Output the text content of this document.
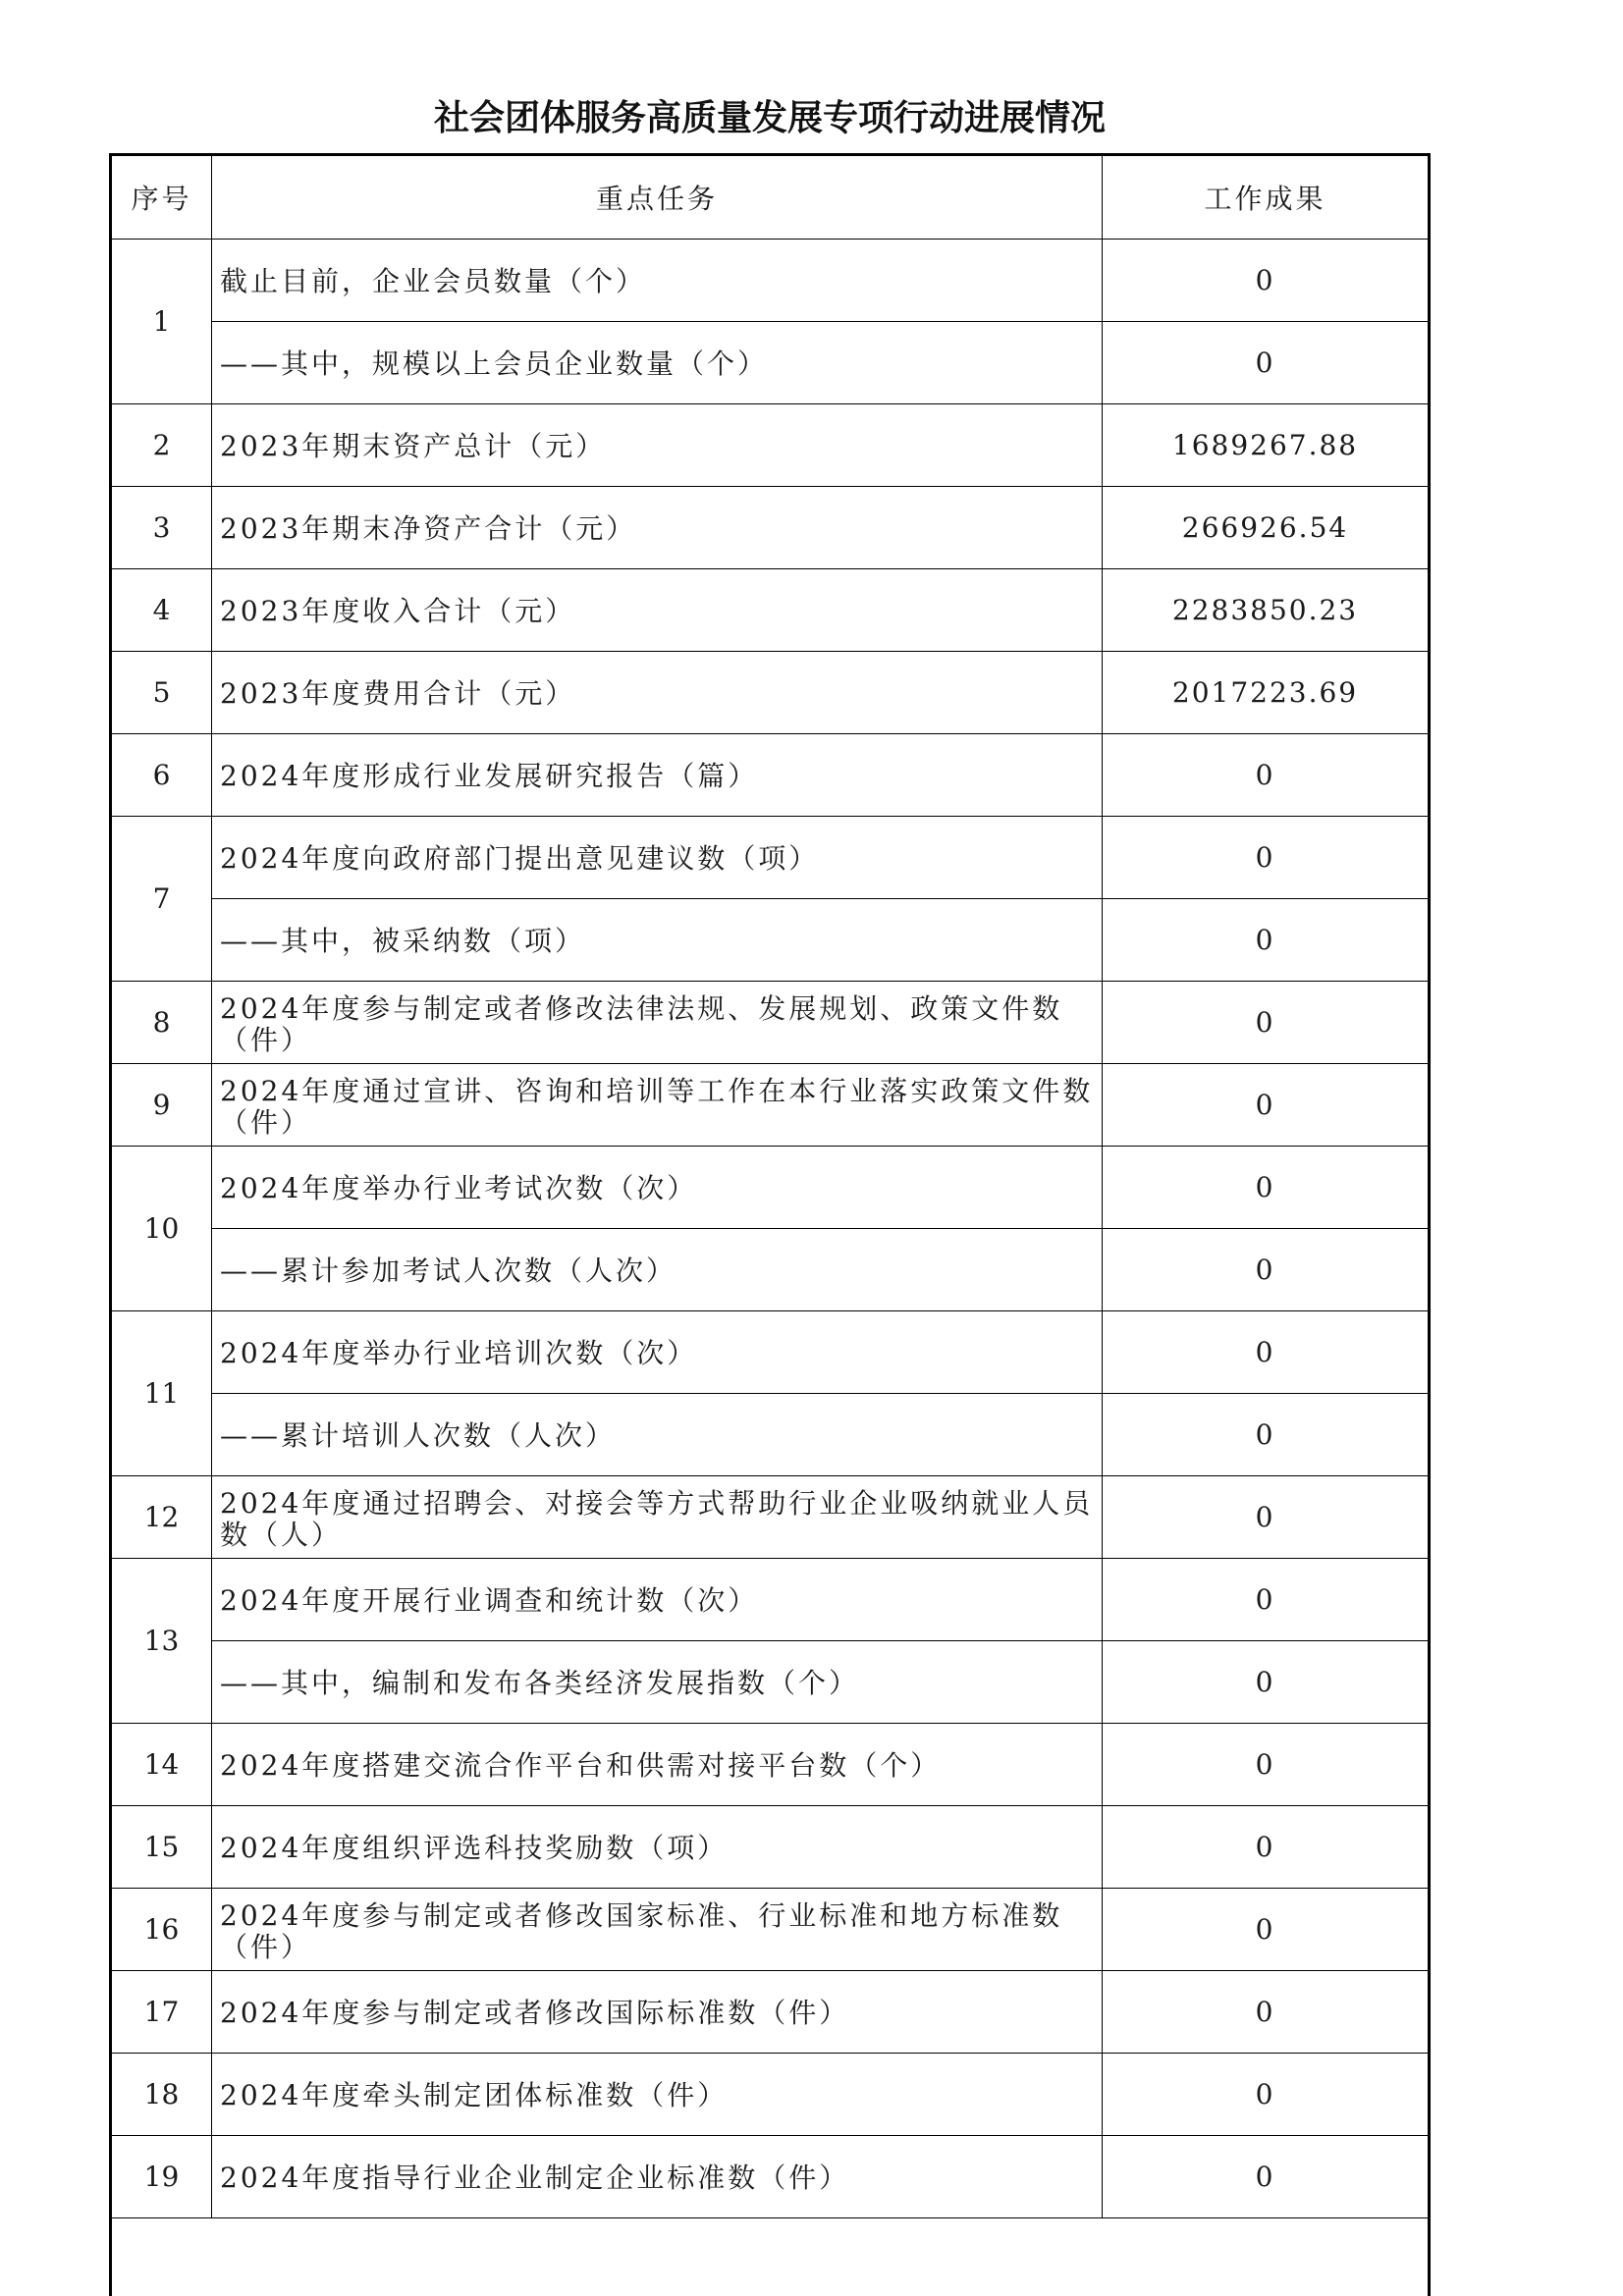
社会团体服务高质量发展专项行动进展情况
序号	重点任务	工作成果
1	截止目前，企业会员数量（个）	0
	——其中，规模以上会员企业数量（个）	0
2	2023年期末资产总计（元）	1689267.88
3	2023年期末净资产合计（元）	266926.54
4	2023年度收入合计（元）	2283850.23
5	2023年度费用合计（元）	2017223.69
6	2024年度形成行业发展研究报告（篇）	0
7	2024年度向政府部门提出意见建议数（项）	0
	——其中，被采纳数（项）	0
8	2024年度参与制定或者修改法律法规、发展规划、政策文件数（件）	0
9	2024年度通过宣讲、咨询和培训等工作在本行业落实政策文件数（件）	0
10	2024年度举办行业考试次数（次）	0
	——累计参加考试人次数（人次）	0
11	2024年度举办行业培训次数（次）	0
	——累计培训人次数（人次）	0
12	2024年度通过招聘会、对接会等方式帮助行业企业吸纳就业人员数（人）	0
13	2024年度开展行业调查和统计数（次）	0
	——其中，编制和发布各类经济发展指数（个）	0
14	2024年度搭建交流合作平台和供需对接平台数（个）	0
15	2024年度组织评选科技奖励数（项）	0
16	2024年度参与制定或者修改国家标准、行业标准和地方标准数（件）	0
17	2024年度参与制定或者修改国际标准数（件）	0
18	2024年度牵头制定团体标准数（件）	0
19	2024年度指导行业企业制定企业标准数（件）	0
